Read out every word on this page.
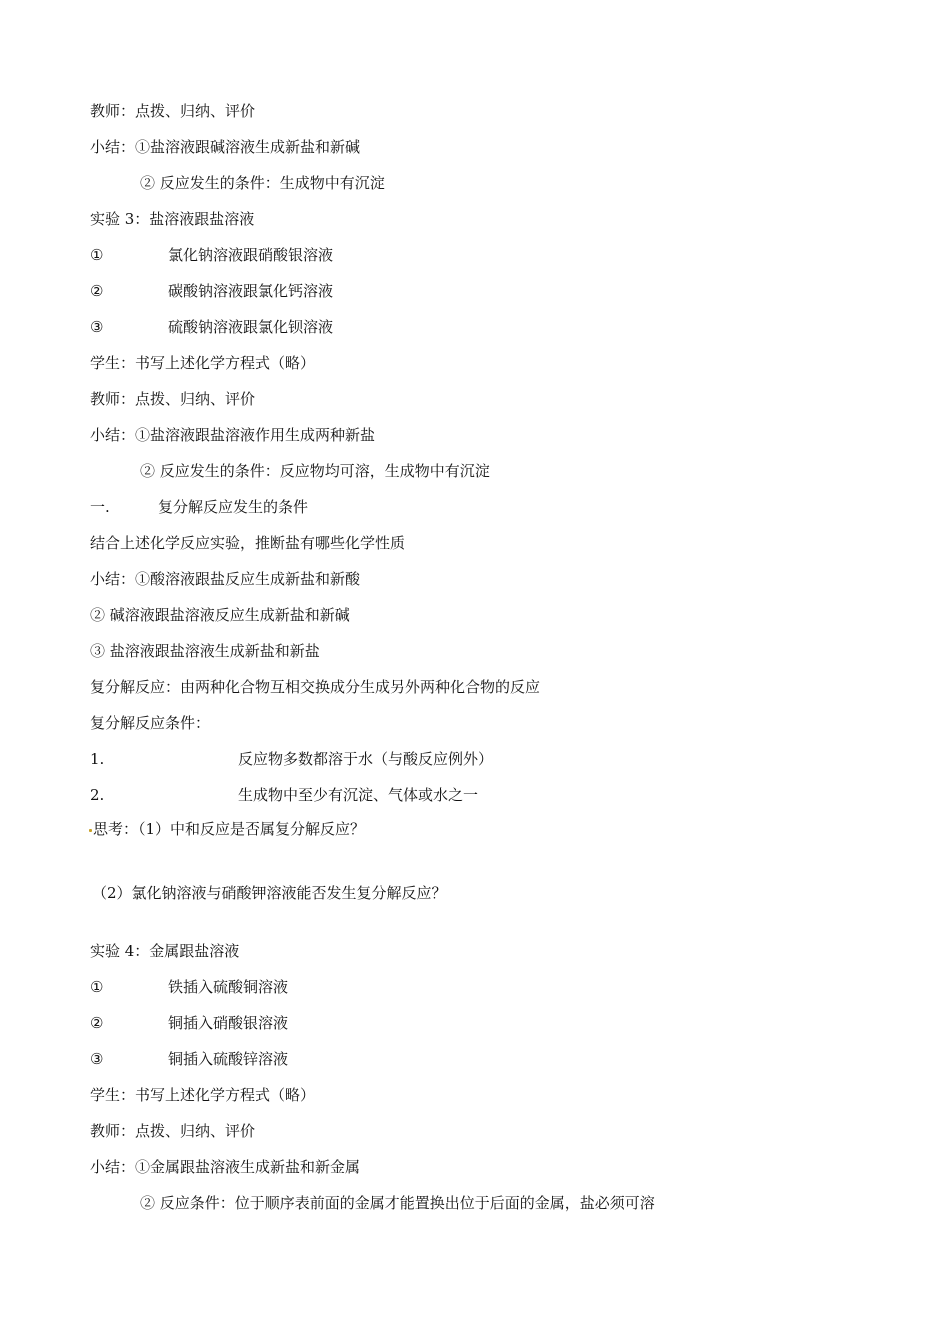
教师：点拨、归纳、评价
小结：①盐溶液跟碱溶液生成新盐和新碱
② 反应发生的条件：生成物中有沉淀
实验 3：盐溶液跟盐溶液
①	氯化钠溶液跟硝酸银溶液
②	碳酸钠溶液跟氯化钙溶液
③	硫酸钠溶液跟氯化钡溶液
学生：书写上述化学方程式（略）
教师：点拨、归纳、评价
小结：①盐溶液跟盐溶液作用生成两种新盐
② 反应发生的条件：反应物均可溶，生成物中有沉淀
一.	复分解反应发生的条件
结合上述化学反应实验，推断盐有哪些化学性质
小结：①酸溶液跟盐反应生成新盐和新酸
② 碱溶液跟盐溶液反应生成新盐和新碱
③ 盐溶液跟盐溶液生成新盐和新盐
复分解反应：由两种化合物互相交换成分生成另外两种化合物的反应
复分解反应条件：
1.	反应物多数都溶于水（与酸反应例外）
2.	生成物中至少有沉淀、气体或水之一
思考：（1）中和反应是否属复分解反应？
（2）氯化钠溶液与硝酸钾溶液能否发生复分解反应？
实验 4：金属跟盐溶液
①	铁插入硫酸铜溶液
②	铜插入硝酸银溶液
③	铜插入硫酸锌溶液
学生：书写上述化学方程式（略）
教师：点拨、归纳、评价
小结：①金属跟盐溶液生成新盐和新金属
② 反应条件：位于顺序表前面的金属才能置换出位于后面的金属，盐必须可溶
